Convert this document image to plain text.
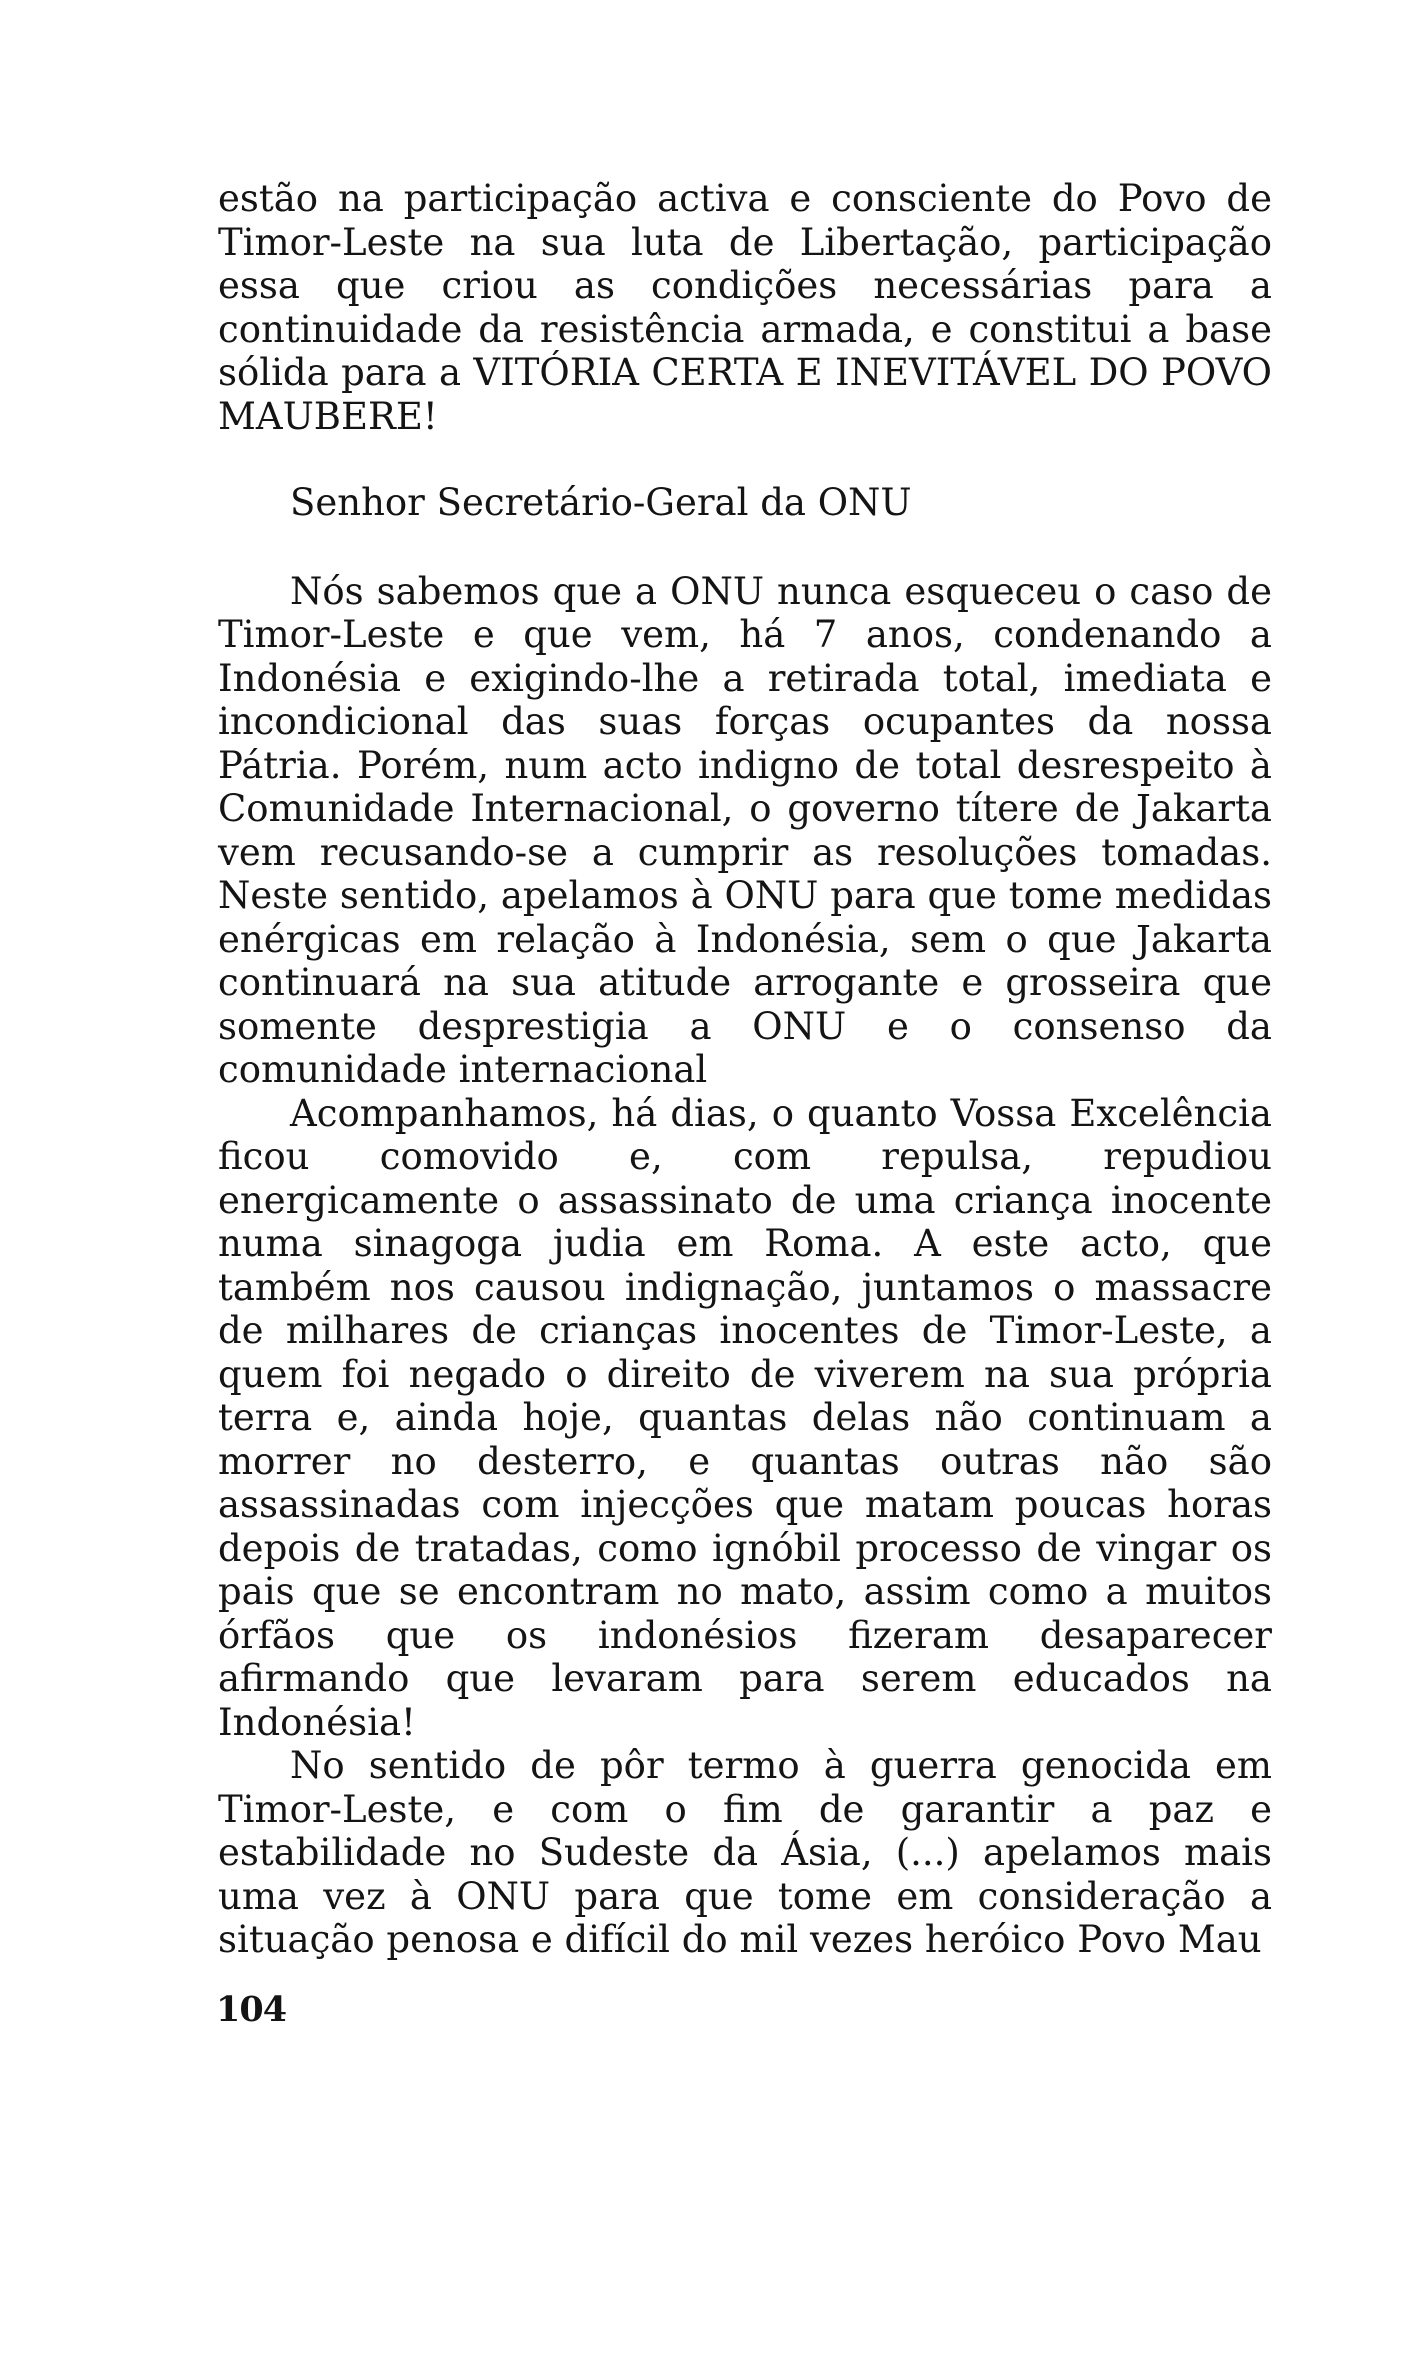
estão na participação activa e consciente do Povo de Timor-Leste na sua luta de Libertação, participação essa que criou as condições necessárias para a continuidade da resistência armada, e constitui a base sólida para a VITÓRIA CERTA E INEVITÁVEL DO POVO MAUBERE!

Senhor Secretário-Geral da ONU

Nós sabemos que a ONU nunca esqueceu o caso de Timor-Leste e que vem, há 7 anos, condenando a Indonésia e exigindo-lhe a retirada total, imediata e incondicional das suas forças ocupantes da nossa Pátria. Porém, num acto indigno de total desrespeito à Comunidade Internacional, o governo títere de Jakarta vem recusando-se a cumprir as resoluções tomadas. Neste sentido, apelamos à ONU para que tome medidas enérgicas em relação à Indonésia, sem o que Jakarta continuará na sua atitude arrogante e grosseira que somente desprestigia a ONU e o consenso da comunidade internacional

Acompanhamos, há dias, o quanto Vossa Excelência ficou comovido e, com repulsa, repudiou energicamente o assassinato de uma criança inocente numa sinagoga judia em Roma. A este acto, que também nos causou indignação, juntamos o massacre de milhares de crianças inocentes de Timor-Leste, a quem foi negado o direito de viverem na sua própria terra e, ainda hoje, quantas delas não continuam a morrer no desterro, e quantas outras não são assassinadas com injecções que matam poucas horas depois de tratadas, como ignóbil processo de vingar os pais que se encontram no mato, assim como a muitos órfãos que os indonésios fizeram desaparecer afirmando que levaram para serem educados na Indonésia!

No sentido de pôr termo à guerra genocida em Timor-Leste, e com o fim de garantir a paz e estabilidade no Sudeste da Ásia, (...) apelamos mais uma vez à ONU para que tome em consideração a situação penosa e difícil do mil vezes heróico Povo Mau

104
